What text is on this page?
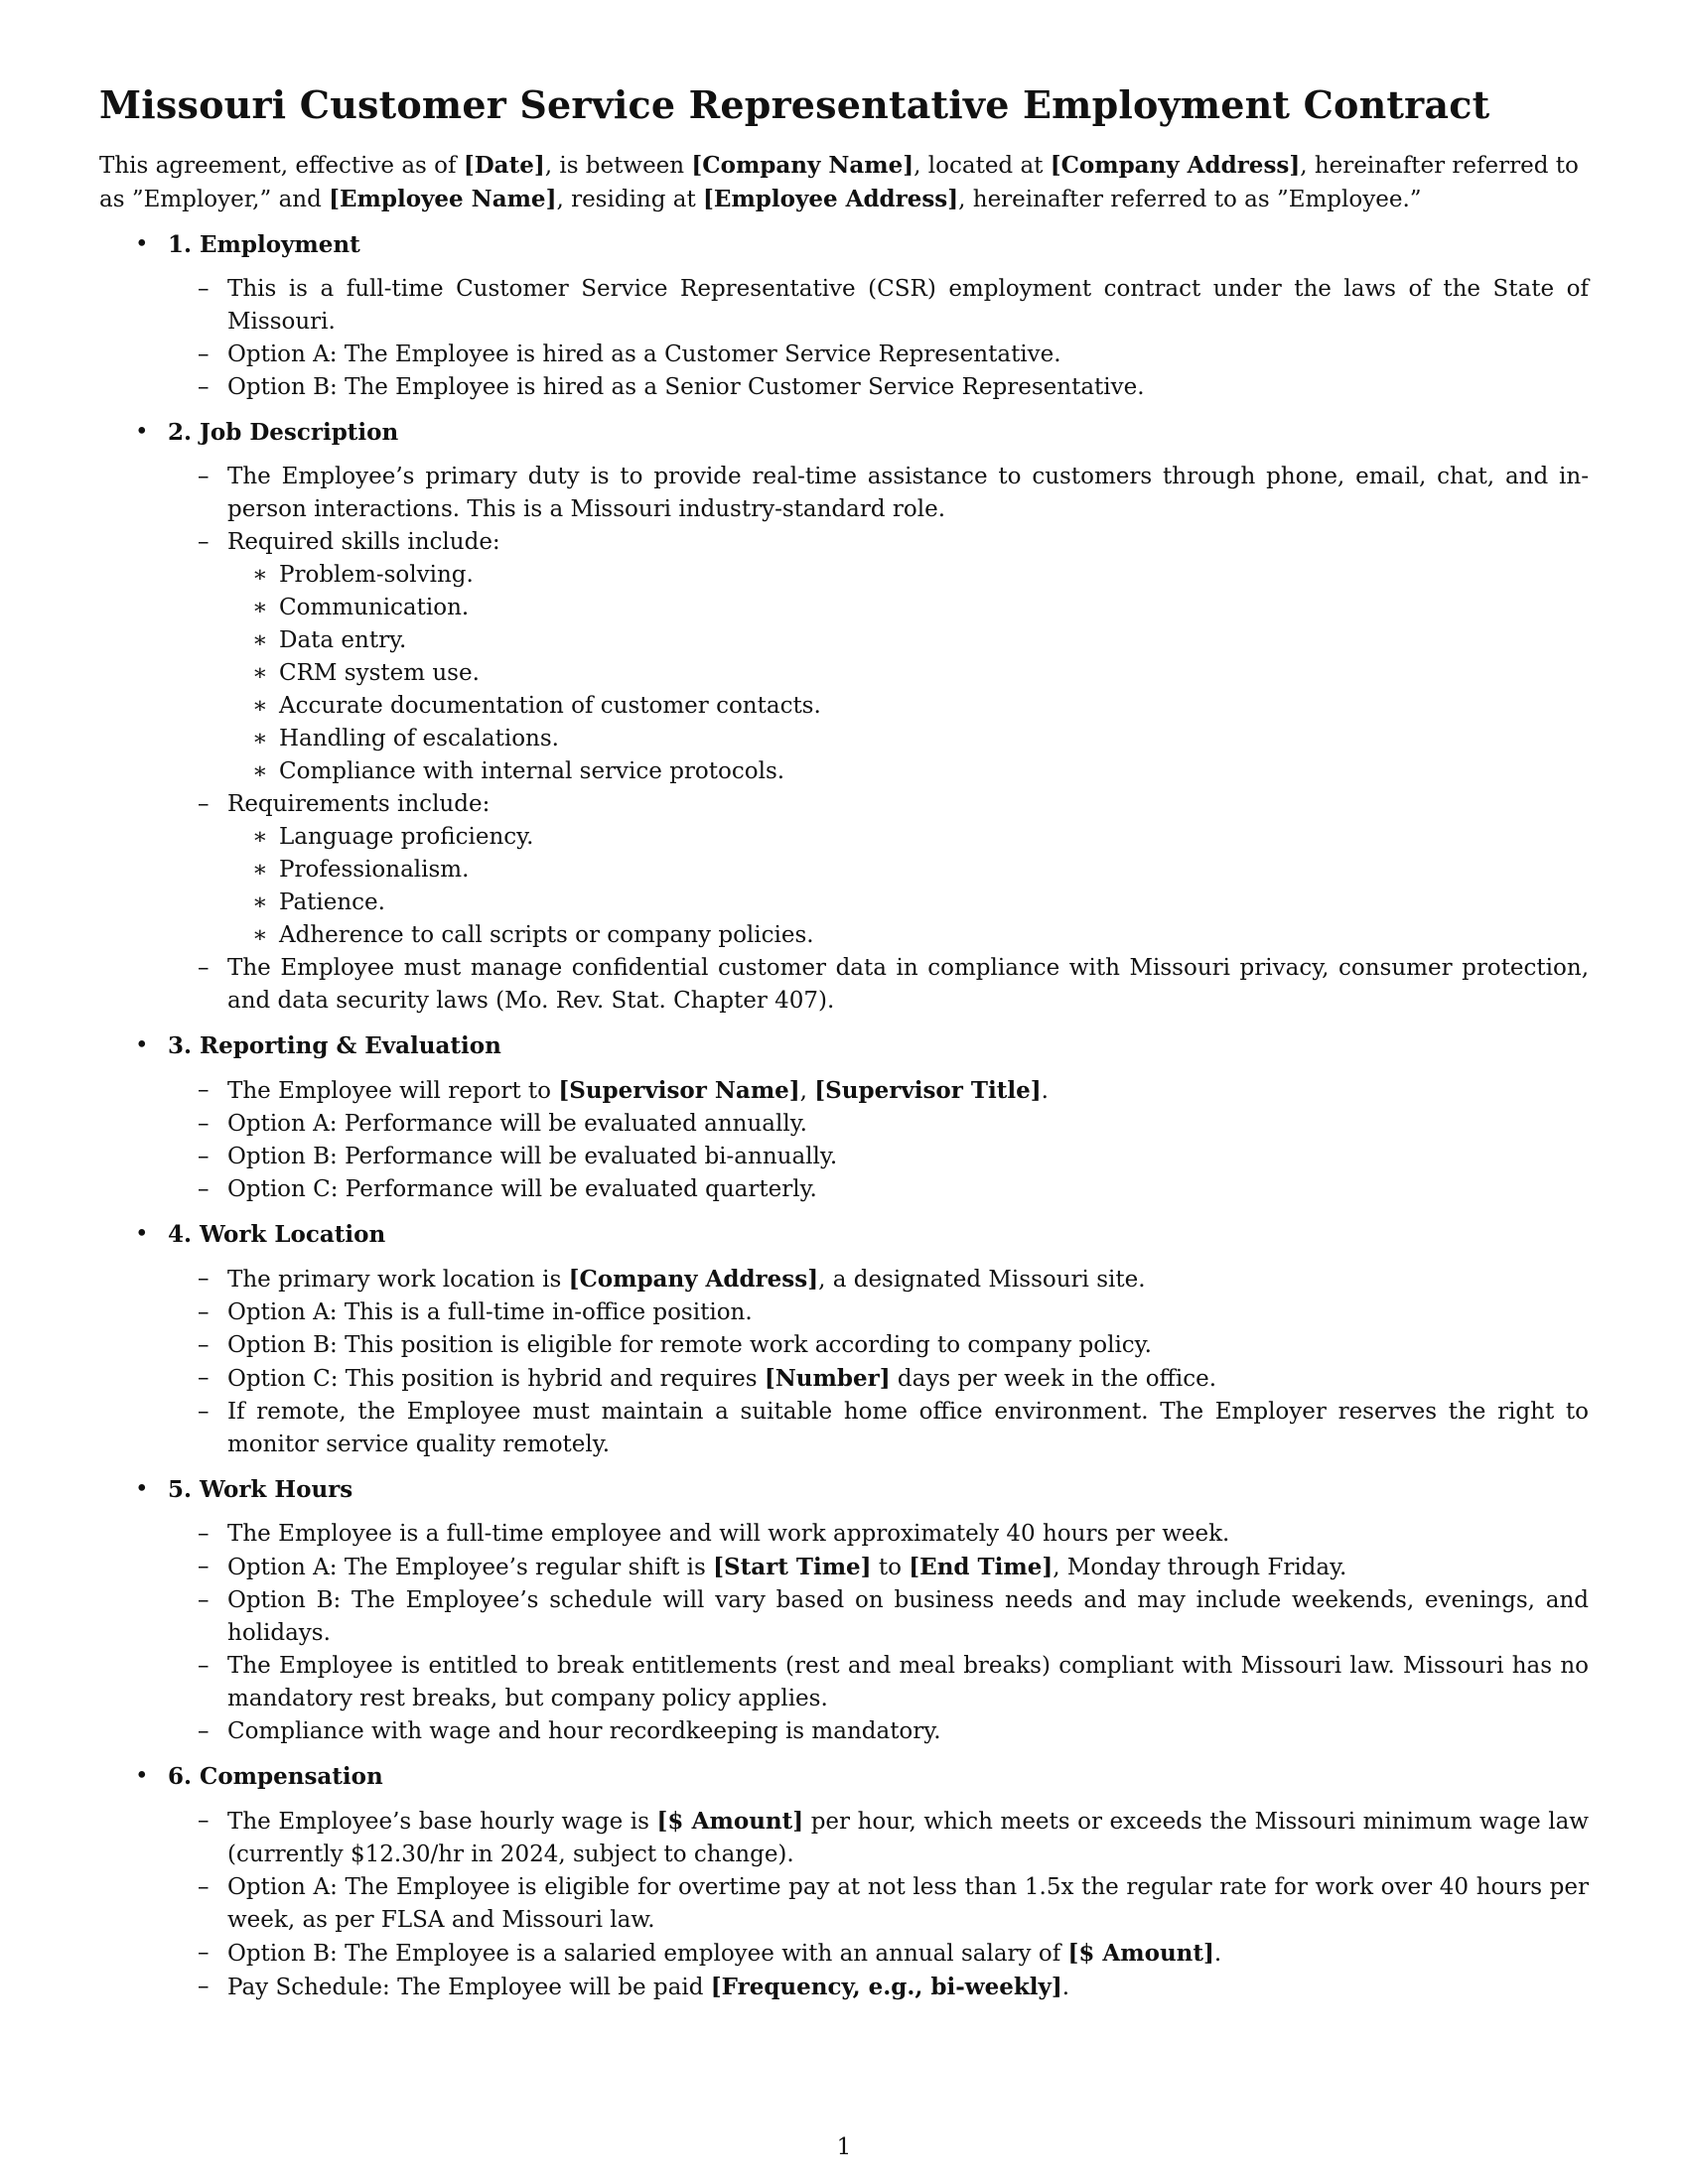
Missouri Customer Service Representative Employment Contract

This agreement, effective as of [Date], is between [Company Name], located at [Company Address], hereinafter referred to as ”Employer,” and [Employee Name], residing at [Employee Address], hereinafter referred to as ”Employee.”

• 1. Employment
– This is a full-time Customer Service Representative (CSR) employment contract under the laws of the State of Missouri.
– Option A: The Employee is hired as a Customer Service Representative.
– Option B: The Employee is hired as a Senior Customer Service Representative.
• 2. Job Description
– The Employee’s primary duty is to provide real-time assistance to customers through phone, email, chat, and in-person interactions. This is a Missouri industry-standard role.
– Required skills include:
∗ Problem-solving.
∗ Communication.
∗ Data entry.
∗ CRM system use.
∗ Accurate documentation of customer contacts.
∗ Handling of escalations.
∗ Compliance with internal service protocols.
– Requirements include:
∗ Language proficiency.
∗ Professionalism.
∗ Patience.
∗ Adherence to call scripts or company policies.
– The Employee must manage confidential customer data in compliance with Missouri privacy, consumer protection, and data security laws (Mo. Rev. Stat. Chapter 407).
• 3. Reporting & Evaluation
– The Employee will report to [Supervisor Name], [Supervisor Title].
– Option A: Performance will be evaluated annually.
– Option B: Performance will be evaluated bi-annually.
– Option C: Performance will be evaluated quarterly.
• 4. Work Location
– The primary work location is [Company Address], a designated Missouri site.
– Option A: This is a full-time in-office position.
– Option B: This position is eligible for remote work according to company policy.
– Option C: This position is hybrid and requires [Number] days per week in the office.
– If remote, the Employee must maintain a suitable home office environment. The Employer reserves the right to monitor service quality remotely.
• 5. Work Hours
– The Employee is a full-time employee and will work approximately 40 hours per week.
– Option A: The Employee’s regular shift is [Start Time] to [End Time], Monday through Friday.
– Option B: The Employee’s schedule will vary based on business needs and may include weekends, evenings, and holidays.
– The Employee is entitled to break entitlements (rest and meal breaks) compliant with Missouri law. Missouri has no mandatory rest breaks, but company policy applies.
– Compliance with wage and hour recordkeeping is mandatory.
• 6. Compensation
– The Employee’s base hourly wage is [$ Amount] per hour, which meets or exceeds the Missouri minimum wage law (currently $12.30/hr in 2024, subject to change).
– Option A: The Employee is eligible for overtime pay at not less than 1.5x the regular rate for work over 40 hours per week, as per FLSA and Missouri law.
– Option B: The Employee is a salaried employee with an annual salary of [$ Amount].
– Pay Schedule: The Employee will be paid [Frequency, e.g., bi-weekly].
1
